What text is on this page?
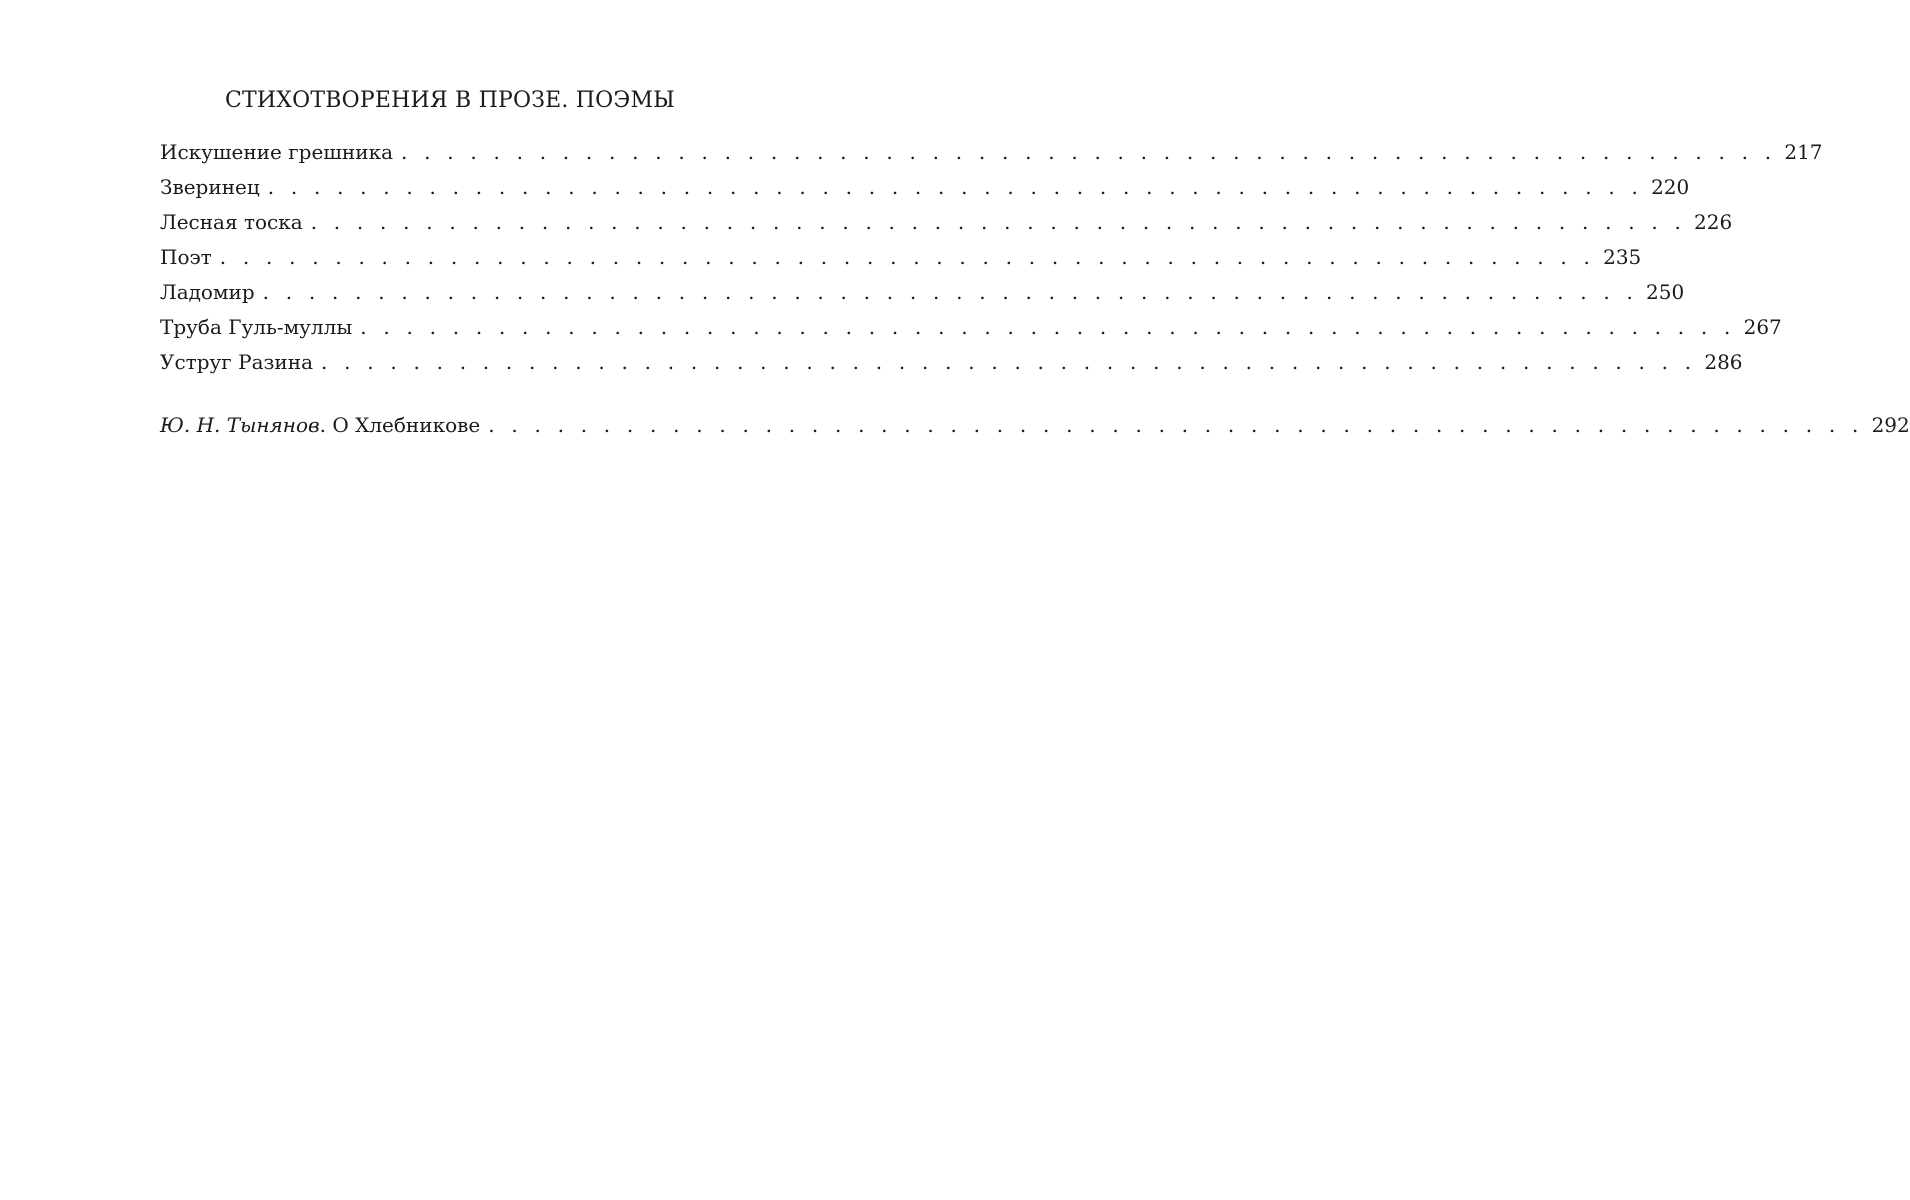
СТИХОТВОРЕНИЯ В ПРОЗЕ. ПОЭМЫ
Искушение грешника . . . . . . . . . . . . . . . . . . . . . . . . . . . . . . . . . . . . . . . . . . . . . . . . . . . . . . . . . . . . 217
Зверинец . . . . . . . . . . . . . . . . . . . . . . . . . . . . . . . . . . . . . . . . . . . . . . . . . . . . . . . . . . . . 220
Лесная тоска . . . . . . . . . . . . . . . . . . . . . . . . . . . . . . . . . . . . . . . . . . . . . . . . . . . . . . . . . . . . 226
Поэт . . . . . . . . . . . . . . . . . . . . . . . . . . . . . . . . . . . . . . . . . . . . . . . . . . . . . . . . . . . . 235
Ладомир . . . . . . . . . . . . . . . . . . . . . . . . . . . . . . . . . . . . . . . . . . . . . . . . . . . . . . . . . . . . 250
Труба Гуль-муллы . . . . . . . . . . . . . . . . . . . . . . . . . . . . . . . . . . . . . . . . . . . . . . . . . . . . . . . . . . . . 267
Уструг Разина . . . . . . . . . . . . . . . . . . . . . . . . . . . . . . . . . . . . . . . . . . . . . . . . . . . . . . . . . . . . 286
Ю. Н. Тынянов. О Хлебникове . . . . . . . . . . . . . . . . . . . . . . . . . . . . . . . . . . . . . . . . . . . . . . . . . . . . . . . . . . . . 292
